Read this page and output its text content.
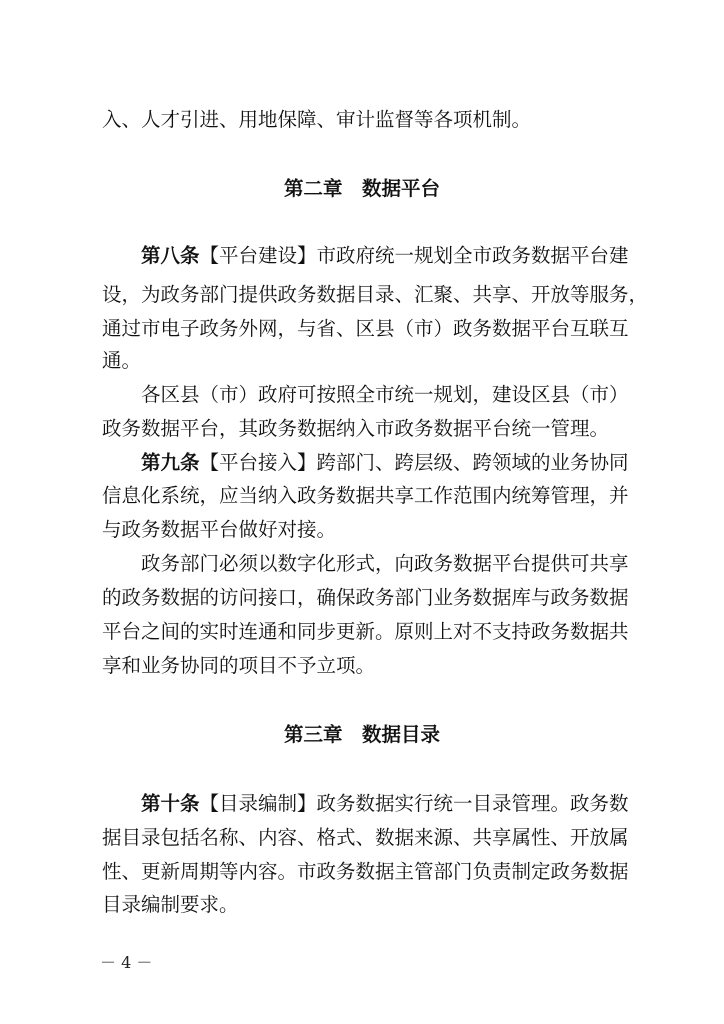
入、人才引进、用地保障、审计监督等各项机制。
第二章　数据平台
第八条【平台建设】市政府统一规划全市政务数据平台建
设，为政务部门提供政务数据目录、汇聚、共享、开放等服务，
通过市电子政务外网，与省、区县（市）政务数据平台互联互
通。
各区县（市）政府可按照全市统一规划，建设区县（市）
政务数据平台，其政务数据纳入市政务数据平台统一管理。
第九条【平台接入】跨部门、跨层级、跨领域的业务协同
信息化系统，应当纳入政务数据共享工作范围内统筹管理，并
与政务数据平台做好对接。
政务部门必须以数字化形式，向政务数据平台提供可共享
的政务数据的访问接口，确保政务部门业务数据库与政务数据
平台之间的实时连通和同步更新。原则上对不支持政务数据共
享和业务协同的项目不予立项。
第三章　数据目录
第十条【目录编制】政务数据实行统一目录管理。政务数
据目录包括名称、内容、格式、数据来源、共享属性、开放属
性、更新周期等内容。市政务数据主管部门负责制定政务数据
目录编制要求。
－ 4 －
